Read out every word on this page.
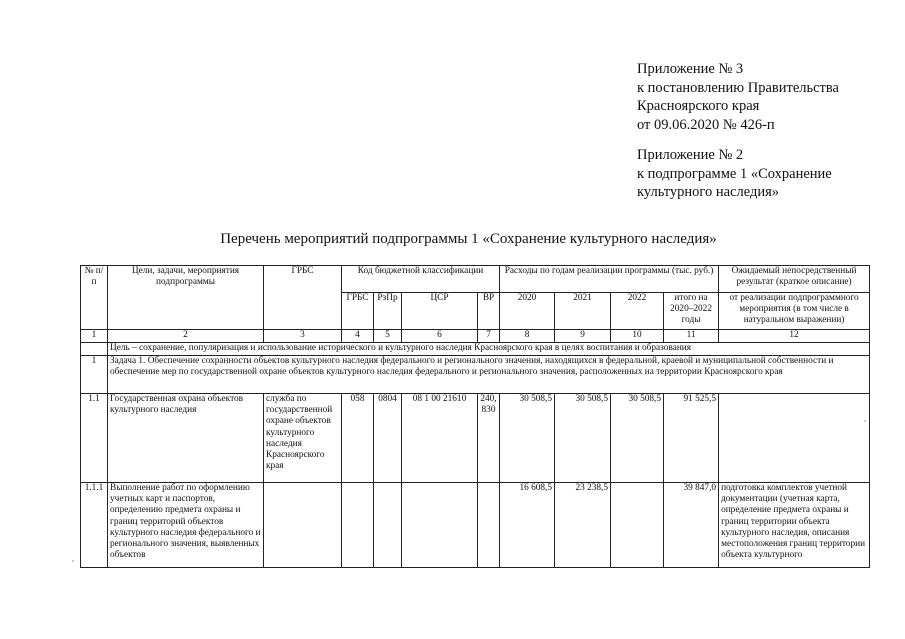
Приложение № 3
к постановлению Правительства
Красноярского края
от 09.06.2020 № 426-п
Приложение № 2
к подпрограмме 1 «Сохранение
культурного наследия»
Перечень мероприятий подпрограммы 1 «Сохранение культурного наследия»
№ п/п	Цели, задачи, мероприятия подпрограммы	ГРБС	Код бюджетной классификации				Расходы по годам реализации программы (тыс. руб.)				Ожидаемый непосредственный результат (краткое описание)
			ГРБС	РзПр	ЦСР	ВР	2020	2021	2022	итого на 2020–2022 годы	от реализации подпрограммного мероприятия (в том числе в натуральном выражении)
1	2	3	4	5	6	7	8	9	10	11	12
	Цель – сохранение, популяризация и использование исторического и культурного наследия Красноярского края в целях воспитания и образования										
1	Задача 1. Обеспечение сохранности объектов культурного наследия федерального и регионального значения, находящихся в федеральной, краевой и муниципальной собственности и обеспечение мер по государственной охране объектов культурного наследия федерального и регионального значения, расположенных на территории Красноярского края										
1.1	Государственная охрана объектов культурного наследия	служба по государственной охране объектов культурного наследия Красноярского края	058	0804	08 1 00 21610	240, 830	30 508,5	30 508,5	30 508,5	91 525,5	
1.1.1	Выполнение работ по оформлению учетных карт и паспортов, определению предмета охраны и границ территорий объектов культурного наследия федерального и регионального значения, выявленных объектов						16 608,5	23 238,5		39 847,0	подготовка комплектов учетной документации (учетная карта, определение предмета охраны и границ территории объекта культурного наследия, описания местоположения границ территории объекта культурного
